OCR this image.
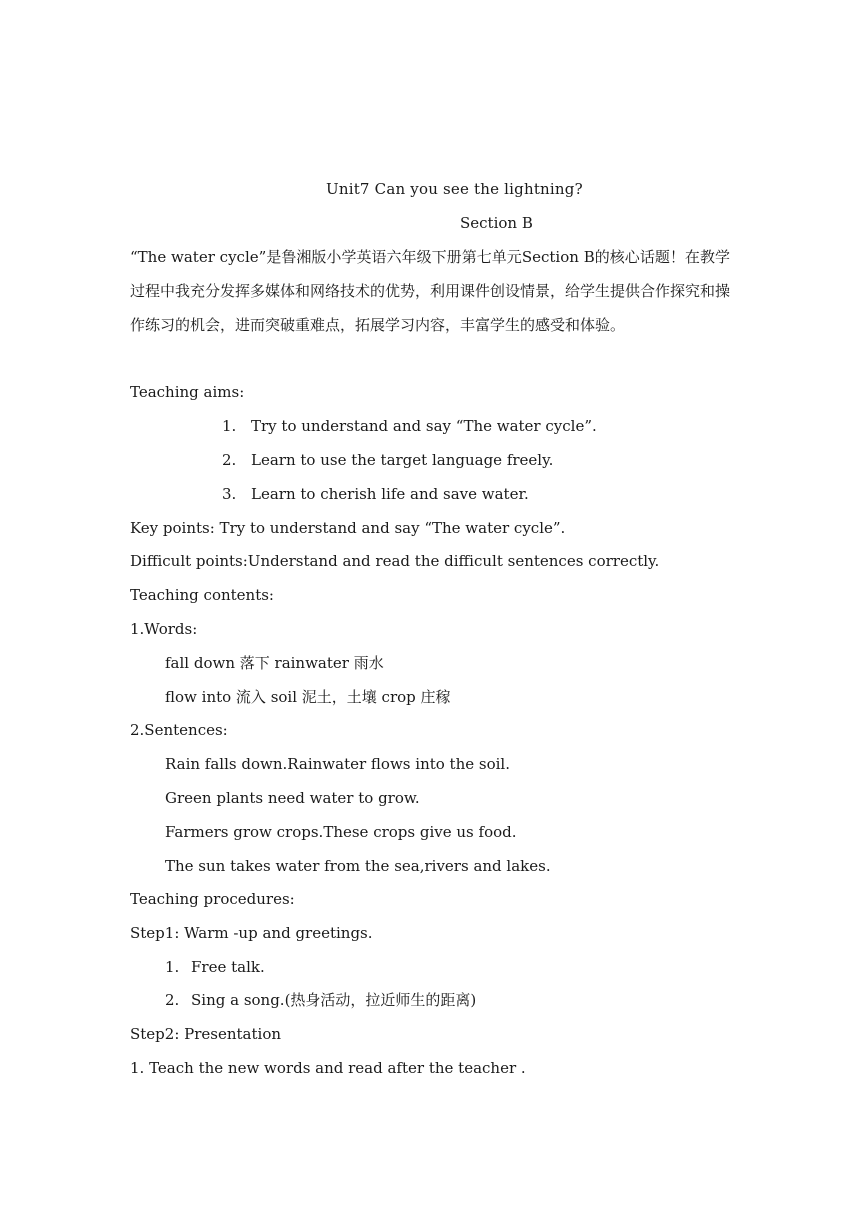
Unit7 Can you see the lightning?
Section B
“The water cycle”是鲁湘版小学英语六年级下册第七单元Section B的核心话题！在教学过程中我充分发挥多媒体和网络技术的优势，利用课件创设情景，给学生提供合作探究和操作练习的机会，进而突破重难点，拓展学习内容，丰富学生的感受和体验。
Teaching aims:
1. Try to understand and say “The water cycle”.
2. Learn to use the target language freely.
3. Learn to cherish life and save water.
Key points: Try to understand and say “The water cycle”.
Difficult points:Understand and read the difficult sentences correctly.
Teaching contents:
1.Words:
fall down 落下 rainwater 雨水
flow into 流入 soil 泥土，土壤 crop 庄稼
2.Sentences:
Rain falls down.Rainwater flows into the soil.
Green plants need water to grow.
Farmers grow crops.These crops give us food.
The sun takes water from the sea,rivers and lakes.
Teaching procedures:
Step1: Warm -up and greetings.
1. Free talk.
2. Sing a song.(热身活动，拉近师生的距离)
Step2: Presentation
1. Teach the new words and read after the teacher .
